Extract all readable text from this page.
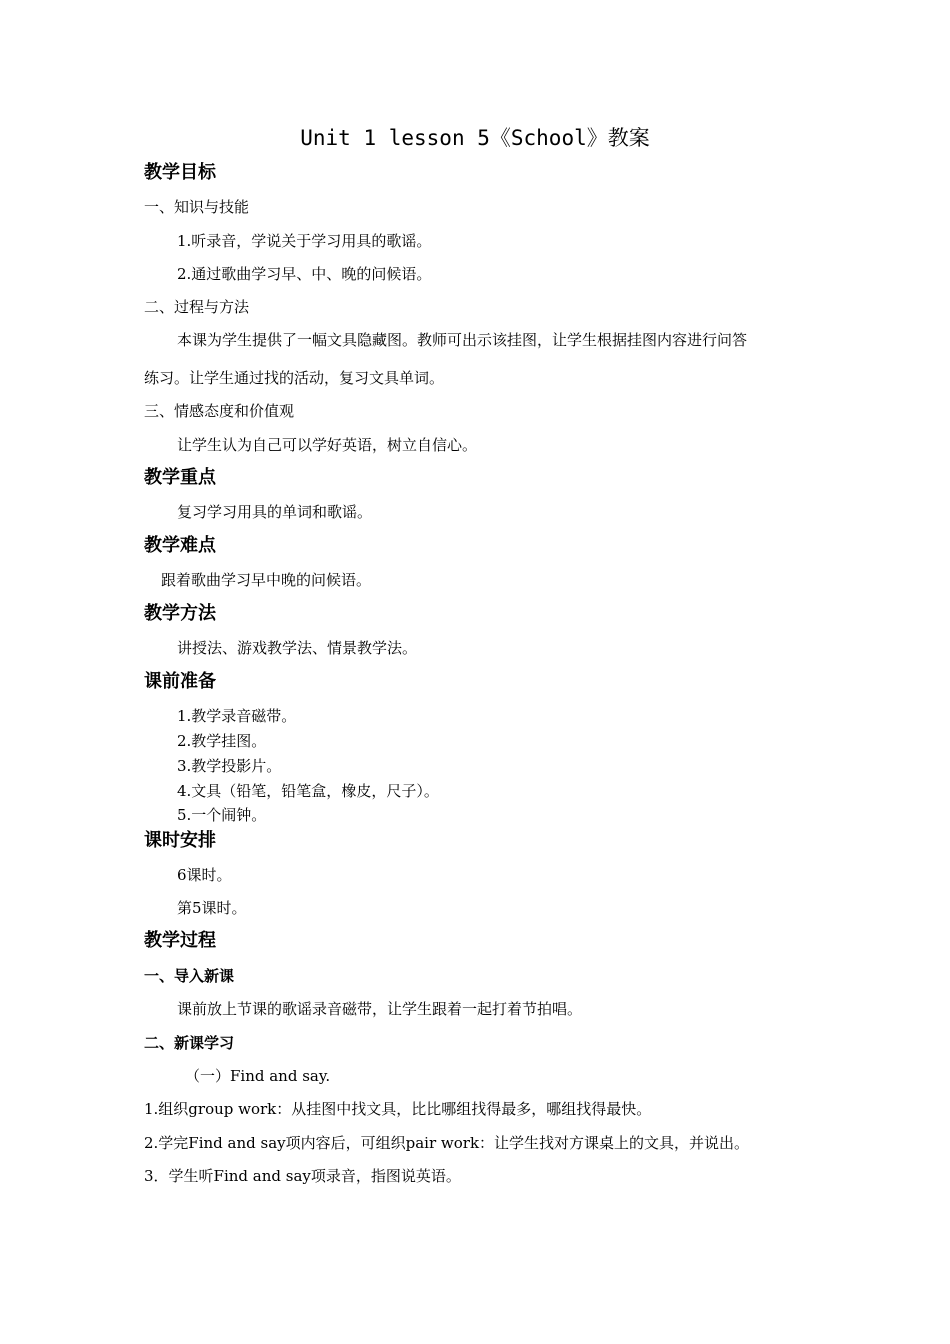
Unit 1 lesson 5《School》教案
教学目标
一、知识与技能
1.听录音，学说关于学习用具的歌谣。
2.通过歌曲学习早、中、晚的问候语。
二、过程与方法
本课为学生提供了一幅文具隐藏图。教师可出示该挂图，让学生根据挂图内容进行问答
练习。让学生通过找的活动，复习文具单词。
三、情感态度和价值观
让学生认为自己可以学好英语，树立自信心。
教学重点
复习学习用具的单词和歌谣。
教学难点
跟着歌曲学习早中晚的问候语。
教学方法
讲授法、游戏教学法、情景教学法。
课前准备
1.教学录音磁带。
2.教学挂图。
3.教学投影片。
4.文具（铅笔，铅笔盒，橡皮，尺子）。
5.一个闹钟。
课时安排
6课时。
第5课时。
教学过程
一、导入新课
课前放上节课的歌谣录音磁带，让学生跟着一起打着节拍唱。
二、新课学习
（一）Find and say.
1.组织group work：从挂图中找文具，比比哪组找得最多，哪组找得最快。
2.学完Find and say项内容后，可组织pair work：让学生找对方课桌上的文具，并说出。
3．学生听Find and say项录音，指图说英语。
